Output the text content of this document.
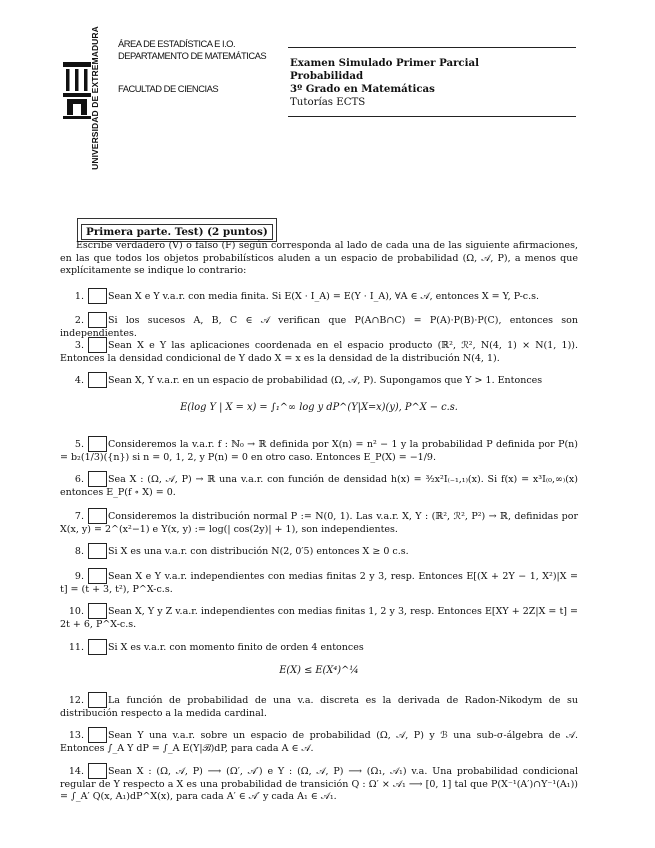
UNIVERSIDAD DE EXTREMADURA ÁREA DE ESTADÍSTICA E I.O.
DEPARTAMENTO DE MATEMÁTICAS
FACULTAD DE CIENCIAS
Examen Simulado Primer Parcial
Probabilidad
3º Grado en Matemáticas
Tutorías ECTS
Primera parte. Test) (2 puntos)

Escribe verdadero (V) o falso (F) según corresponda al lado de cada una de las siguiente afirmaciones, en las que todos los objetos probabilísticos aluden a un espacio de probabilidad (Ω, 𝒜, P), a menos que explícitamente se indique lo contrario:

1.	Sean X e Y v.a.r. con media finita. Si E(X · I_A) = E(Y · I_A), ∀A ∈ 𝒜, entonces X = Y, P-c.s.

2.	Si los sucesos A, B, C ∈ 𝒜 verifican que P(A∩B∩C) = P(A)·P(B)·P(C), entonces son independientes.

3.	Sean X e Y las aplicaciones coordenada en el espacio producto (ℝ², ℛ², N(4, 1) × N(1, 1)). Entonces la densidad condicional de Y dado X = x es la densidad de la distribución N(4, 1).

4.	Sean X, Y v.a.r. en un espacio de probabilidad (Ω, 𝒜, P). Supongamos que Y > 1. Entonces

E(log Y | X = x) = ∫₁^∞ log y dP^(Y|X=x)(y), P^X − c.s.
5.	Consideremos la v.a.r. f : ℕ₀ → ℝ definida por X(n) = n² − 1 y la probabilidad P definida por P(n) = b₂(1/3)({n}) si n = 0, 1, 2, y P(n) = 0 en otro caso. Entonces E_P(X) = −1/9.

6.	Sea X : (Ω, 𝒜, P) → ℝ una v.a.r. con función de densidad h(x) = ³⁄₂x²I₍₋₁,₁₎(x). Si f(x) = x³I₍₀,∞₎(x) entonces E_P(f ∘ X) = 0.

7.	Consideremos la distribución normal P := N(0, 1). Las v.a.r. X, Y : (ℝ², ℛ², P²) → ℝ, definidas por X(x, y) = 2^(x²−1) e Y(x, y) := log(| cos(2y)| + 1), son independientes.

8.	Si X es una v.a.r. con distribución N(2, 0′5) entonces X ≥ 0 c.s.

9.	Sean X e Y v.a.r. independientes con medias finitas 2 y 3, resp. Entonces E[(X + 2Y − 1, X²)|X = t] = (t + 3, t²), P^X-c.s.

10.	Sean X, Y y Z v.a.r. independientes con medias finitas 1, 2 y 3, resp. Entonces E[XY + 2Z|X = t] = 2t + 6, P^X-c.s.

11.	Si X es v.a.r. con momento finito de orden 4 entonces

E(X) ≤ E(X⁴)^¼
12.	La función de probabilidad de una v.a. discreta es la derivada de Radon-Nikodym de su distribución respecto a la medida cardinal.

13.	Sean Y una v.a.r. sobre un espacio de probabilidad (Ω, 𝒜, P) y ℬ una sub-σ-álgebra de 𝒜. Entonces ∫_A Y dP = ∫_A E(Y|ℬ)dP, para cada A ∈ 𝒜.

14.	Sean X : (Ω, 𝒜, P) ⟶ (Ω′, 𝒜′) e Y : (Ω, 𝒜, P) ⟶ (Ω₁, 𝒜₁) v.a. Una probabilidad condicional regular de Y respecto a X es una probabilidad de transición Q : Ω′ × 𝒜₁ ⟶ [0, 1] tal que P(X⁻¹(A′)∩Y⁻¹(A₁)) = ∫_A′ Q(x, A₁)dP^X(x), para cada A′ ∈ 𝒜′ y cada A₁ ∈ 𝒜₁.
